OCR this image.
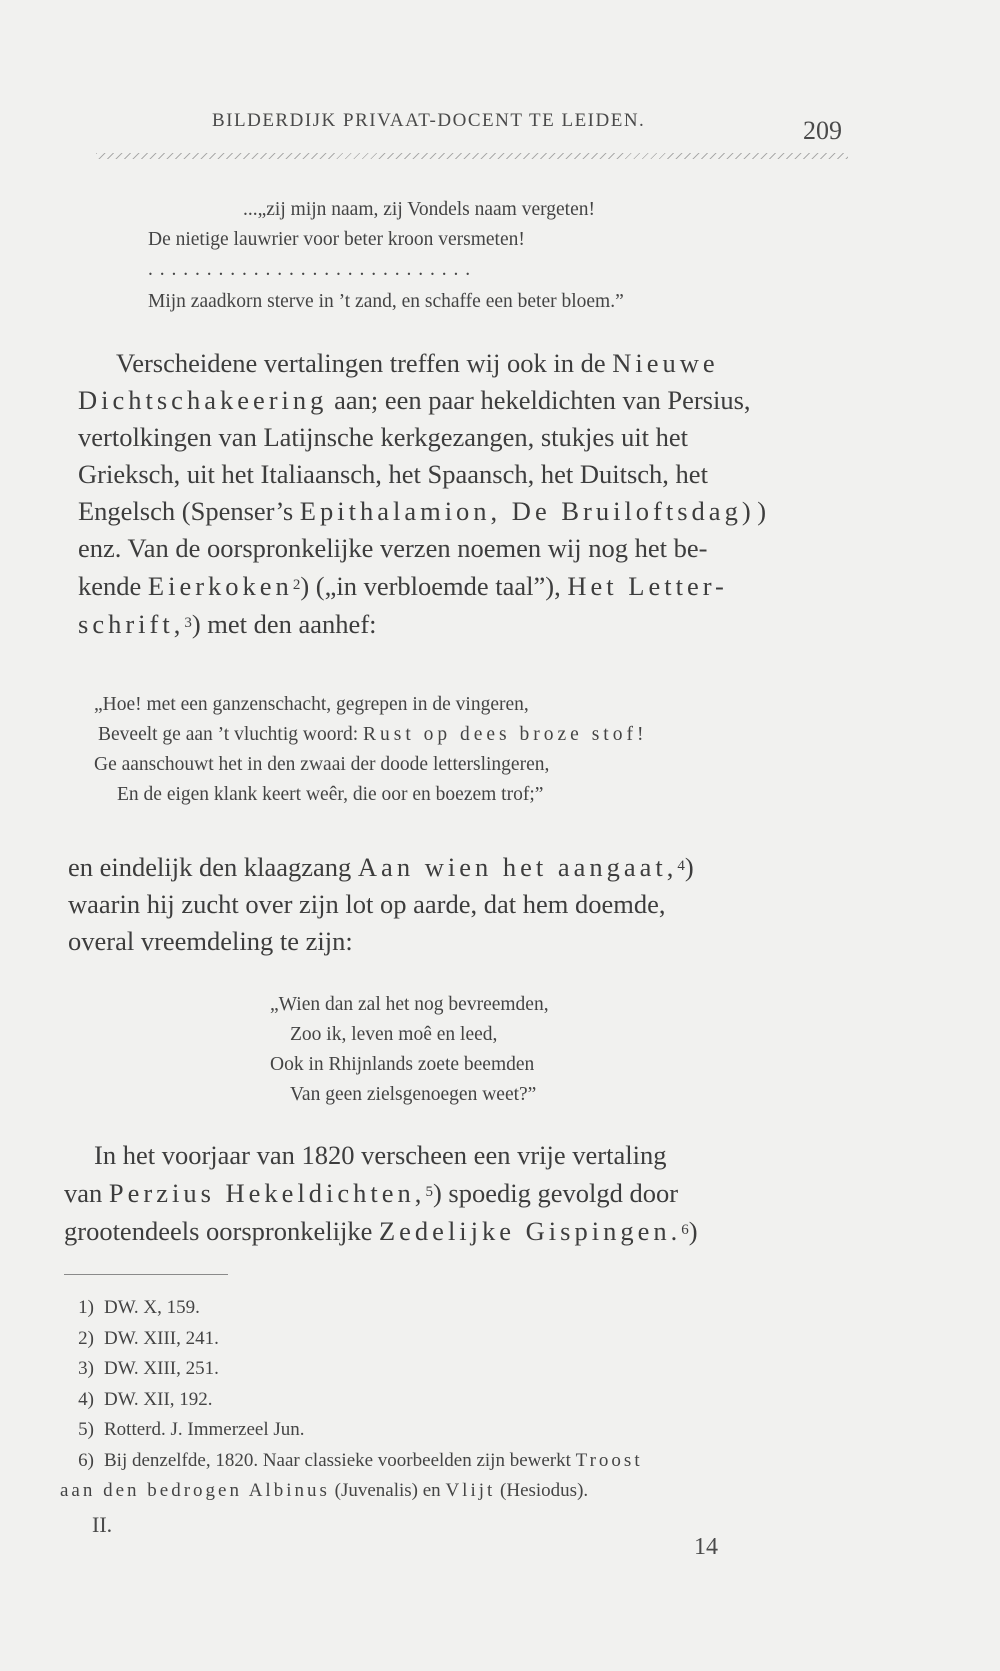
BILDERDIJK PRIVAAT-DOCENT TE LEIDEN.	209
...„zij mijn naam, zij Vondels naam vergeten!
De nietige lauwrier voor beter kroon versmeten!
. . . . . . . . . . . . . . . . . . . . . . . . . . . .
Mijn zaadkorn sterve in ’t zand, en schaffe een beter bloem.”
Verscheidene vertalingen treffen wij ook in de Nieuwe
Dichtschakeering aan; een paar hekeldichten van Persius,
vertolkingen van Latijnsche kerkgezangen, stukjes uit het
Grieksch, uit het Italiaansch, het Spaansch, het Duitsch, het
Engelsch (Spenser’s Epithalamion, De Bruiloftsdag) )
enz. Van de oorspronkelijke verzen noemen wij nog het be-
kende Eierkoken$^2$) („in verbloemde taal”), Het Letter-
schrift,$^3$) met den aanhef:
„Hoe! met een ganzenschacht, gegrepen in de vingeren,
Beveelt ge aan ’t vluchtig woord: Rust op dees broze stof!
Ge aanschouwt het in den zwaai der doode letterslingeren,
En de eigen klank keert weêr, die oor en boezem trof;”
en eindelijk den klaagzang Aan wien het aangaat,$^4$)
waarin hij zucht over zijn lot op aarde, dat hem doemde,
overal vreemdeling te zijn:
„Wien dan zal het nog bevreemden,
Zoo ik, leven moê en leed,
Ook in Rhijnlands zoete beemden
Van geen zielsgenoegen weet?”
In het voorjaar van 1820 verscheen een vrije vertaling
van Perzius Hekeldichten,$^5$) spoedig gevolgd door
grootendeels oorspronkelijke Zedelijke Gispingen.$^6$)
1) DW. X, 159.
2) DW. XIII, 241.
3) DW. XIII, 251.
4) DW. XII, 192.
5) Rotterd. J. Immerzeel Jun.
6) Bij denzelfde, 1820. Naar classieke voorbeelden zijn bewerkt Troost
aan den bedrogen Albinus (Juvenalis) en Vlijt (Hesiodus).
II.
14
